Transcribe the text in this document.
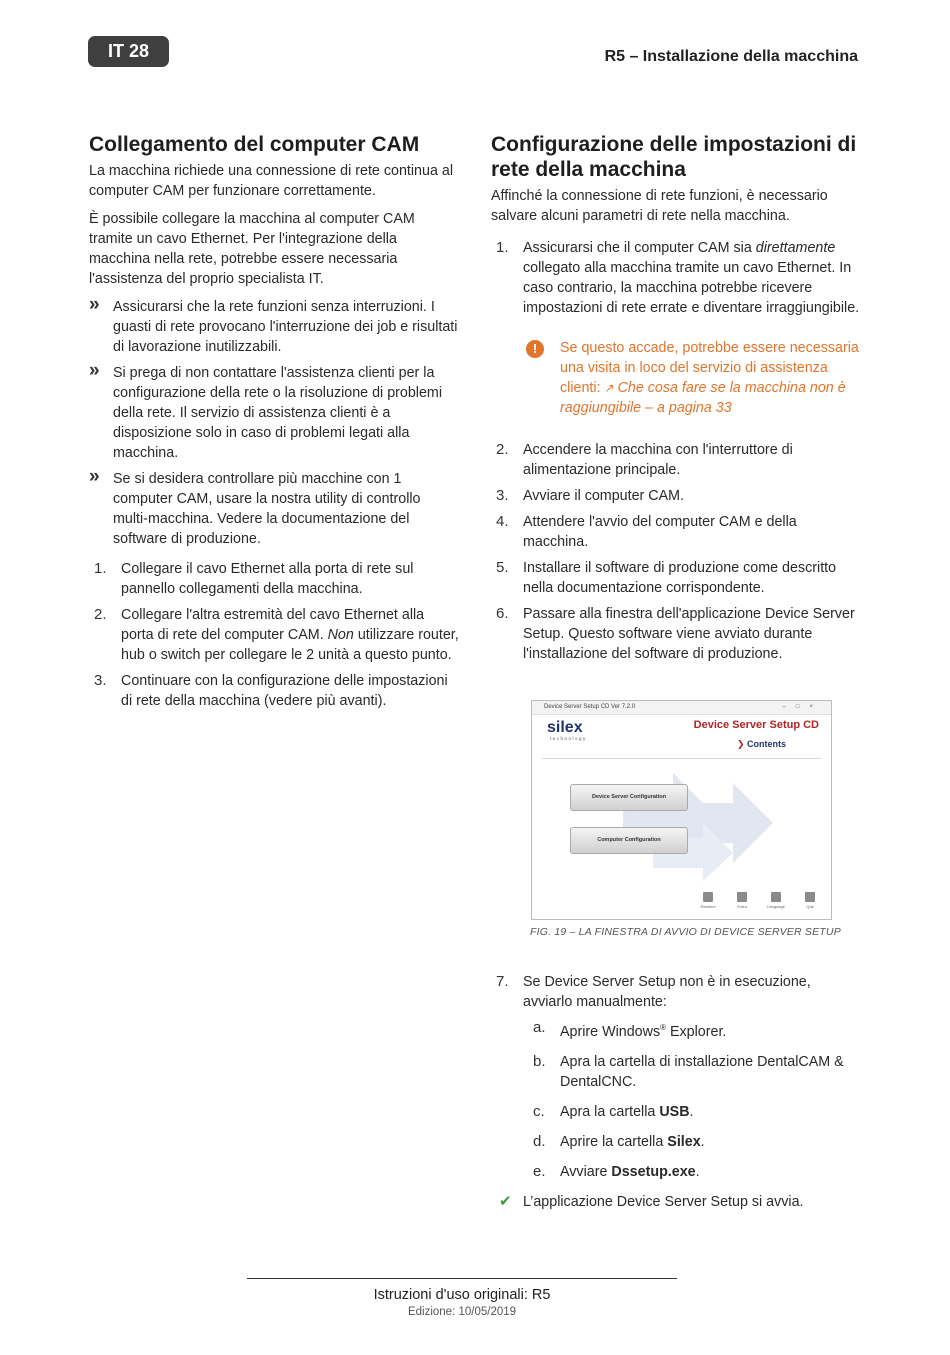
IT 28	R5 – Installazione della macchina
Collegamento del computer CAM

La macchina richiede una connessione di rete continua al computer CAM per funzionare correttamente.

È possibile collegare la macchina al computer CAM tramite un cavo Ethernet. Per l'integrazione della macchina nella rete, potrebbe essere necessaria l'assistenza del proprio specialista IT.

» Assicurarsi che la rete funzioni senza interruzioni. I guasti di rete provocano l'interruzione dei job e risultati di lavorazione inutilizzabili.
» Si prega di non contattare l'assistenza clienti per la configurazione della rete o la risoluzione di problemi della rete. Il servizio di assistenza clienti è a disposizione solo in caso di problemi legati alla macchina.
» Se si desidera controllare più macchine con 1 computer CAM, usare la nostra utility di controllo multi-macchina. Vedere la documentazione del software di produzione.
1. Collegare il cavo Ethernet alla porta di rete sul pannello collegamenti della macchina.
2. Collegare l'altra estremità del cavo Ethernet alla porta di rete del computer CAM. Non utilizzare router, hub o switch per collegare le 2 unità a questo punto.
3. Continuare con la configurazione delle impostazioni di rete della macchina (vedere più avanti).
Configurazione delle impostazioni di rete della macchina

Affinché la connessione di rete funzioni, è necessario salvare alcuni parametri di rete nella macchina.

1. Assicurarsi che il computer CAM sia direttamente collegato alla macchina tramite un cavo Ethernet. In caso contrario, la macchina potrebbe ricevere impostazioni di rete errate e diventare irraggiungibile.
!	Se questo accade, potrebbe essere necessaria una visita in loco del servizio di assistenza clienti: ↗ Che cosa fare se la macchina non è raggiungibile – a pagina 33
2. Accendere la macchina con l'interruttore di alimentazione principale.
3. Avviare il computer CAM.
4. Attendere l'avvio del computer CAM e della macchina.
5. Installare il software di produzione come descritto nella documentazione corrispondente.
6. Passare alla finestra dell'applicazione Device Server Setup. Questo software viene avviato durante l'installazione del software di produzione.
Device Server Setup CD Ver 7.2.0	–□×
silex
technology
Device Server Setup CD
❯ Contents
Device Server Configuration
Computer Configuration
Readme	Extra	Language	Quit
FIG. 19 – LA FINESTRA DI AVVIO DI DEVICE SERVER SETUP
7. Se Device Server Setup non è in esecuzione, avviarlo manualmente:
a. Aprire Windows® Explorer.
b. Apra la cartella di installazione DentalCAM & DentalCNC.
c. Apra la cartella USB.
d. Aprire la cartella Silex.
e. Avviare Dssetup.exe.
✔ L’applicazione Device Server Setup si avvia.
Istruzioni d'uso originali: R5
Edizione: 10/05/2019
